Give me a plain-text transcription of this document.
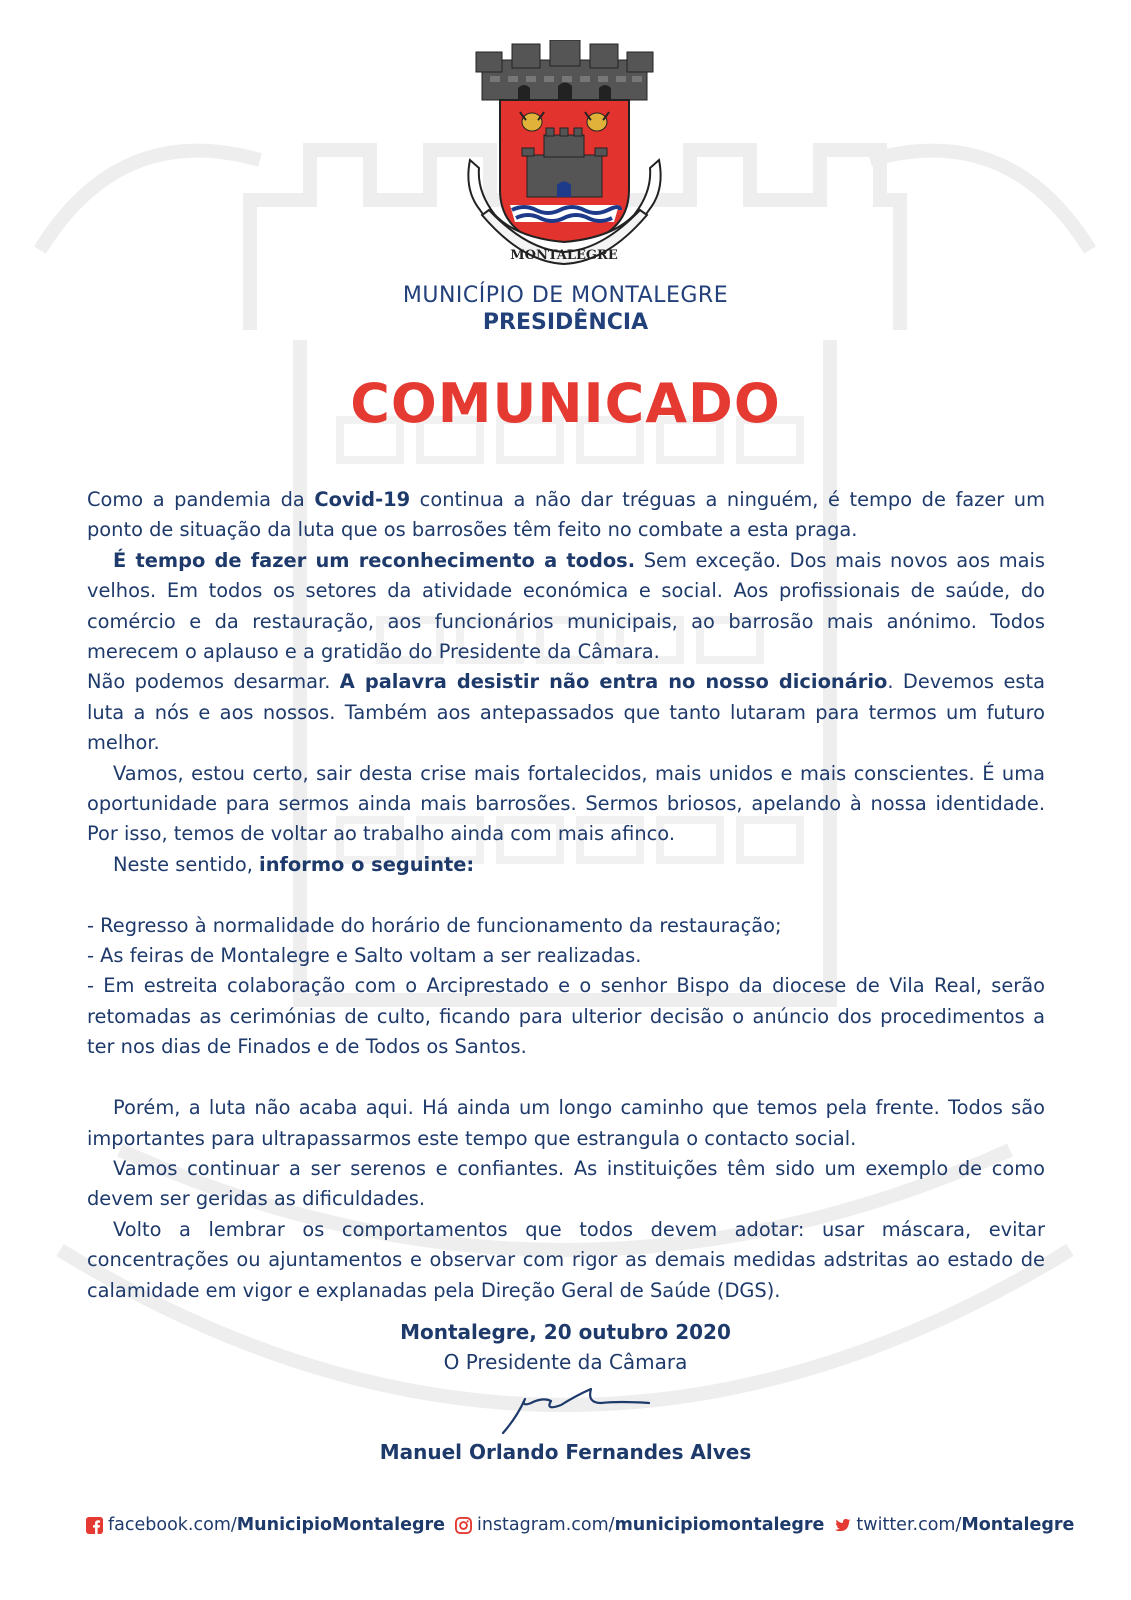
MONTALEGRE
MUNICÍPIO DE MONTALEGRE
PRESIDÊNCIA
COMUNICADO

Como a pandemia da Covid-19 continua a não dar tréguas a ninguém, é tempo de fazer um ponto de situação da luta que os barrosões têm feito no combate a esta praga.

É tempo de fazer um reconhecimento a todos. Sem exceção. Dos mais novos aos mais velhos. Em todos os setores da atividade económica e social. Aos profissionais de saúde, do comércio e da restauração, aos funcionários municipais, ao barrosão mais anónimo. Todos merecem o aplauso e a gratidão do Presidente da Câmara.

Não podemos desarmar. A palavra desistir não entra no nosso dicionário. Devemos esta luta a nós e aos nossos. Também aos antepassados que tanto lutaram para termos um futuro melhor.

Vamos, estou certo, sair desta crise mais fortalecidos, mais unidos e mais conscientes. É uma oportunidade para sermos ainda mais barrosões. Sermos briosos, apelando à nossa identidade. Por isso, temos de voltar ao trabalho ainda com mais afinco.

Neste sentido, informo o seguinte:

- Regresso à normalidade do horário de funcionamento da restauração;

- As feiras de Montalegre e Salto voltam a ser realizadas.

- Em estreita colaboração com o Arciprestado e o senhor Bispo da diocese de Vila Real, serão retomadas as cerimónias de culto, ficando para ulterior decisão o anúncio dos procedimentos a ter nos dias de Finados e de Todos os Santos.

Porém, a luta não acaba aqui. Há ainda um longo caminho que temos pela frente. Todos são importantes para ultrapassarmos este tempo que estrangula o contacto social.

Vamos continuar a ser serenos e confiantes. As instituições têm sido um exemplo de como devem ser geridas as dificuldades.

Volto a lembrar os comportamentos que todos devem adotar: usar máscara, evitar concentrações ou ajuntamentos e observar com rigor as demais medidas adstritas ao estado de calamidade em vigor e explanadas pela Direção Geral de Saúde (DGS).

Montalegre, 20 outubro 2020
O Presidente da Câmara
Manuel Orlando Fernandes Alves
facebook.com/MunicipioMontalegre instagram.com/municipiomontalegre twitter.com/Montalegre
